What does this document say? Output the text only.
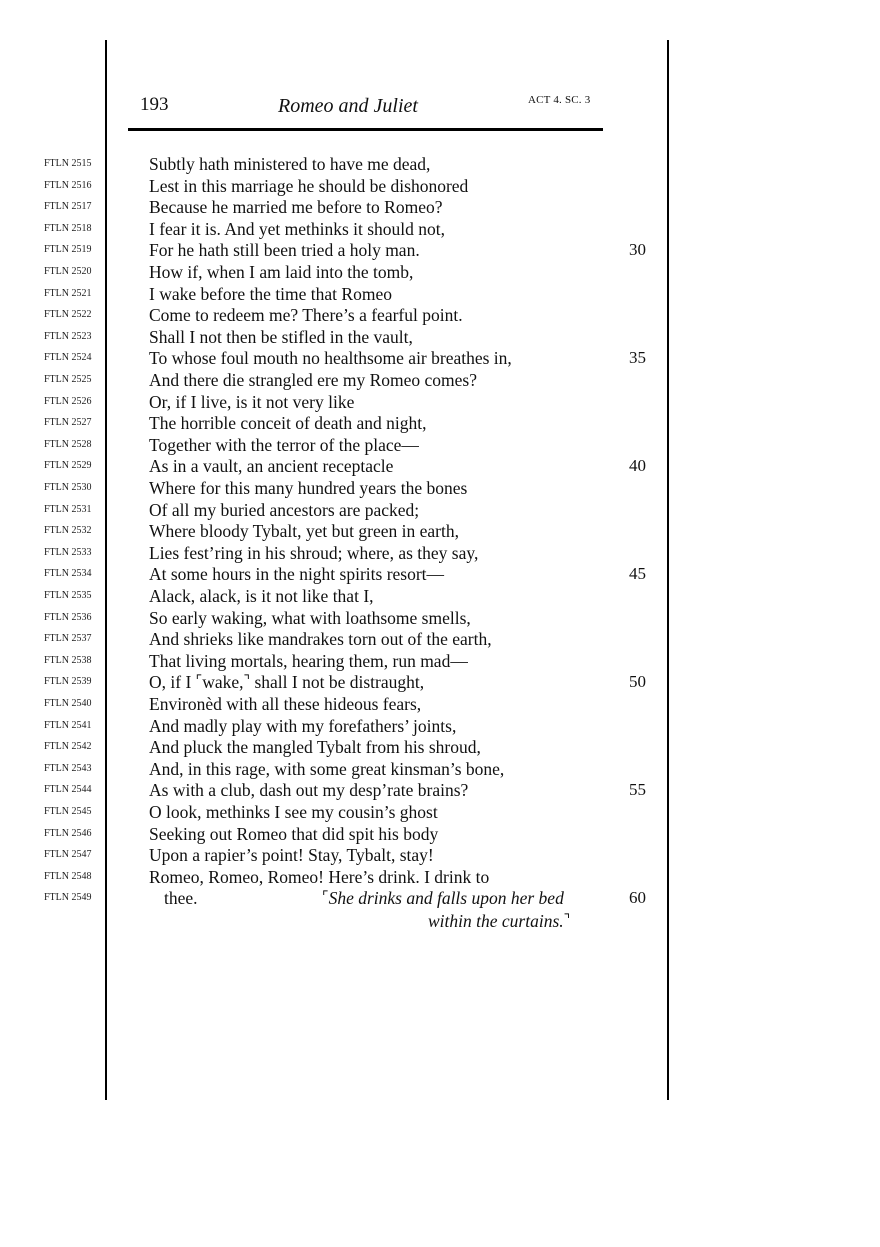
193	Romeo and Juliet	ACT 4. SC. 3
FTLN 2515	Subtly hath ministered to have me dead,
FTLN 2516	Lest in this marriage he should be dishonored
FTLN 2517	Because he married me before to Romeo?
FTLN 2518	I fear it is. And yet methinks it should not,
FTLN 2519	For he hath still been tried a holy man.	30
FTLN 2520	How if, when I am laid into the tomb,
FTLN 2521	I wake before the time that Romeo
FTLN 2522	Come to redeem me? There’s a fearful point.
FTLN 2523	Shall I not then be stifled in the vault,
FTLN 2524	To whose foul mouth no healthsome air breathes in,	35
FTLN 2525	And there die strangled ere my Romeo comes?
FTLN 2526	Or, if I live, is it not very like
FTLN 2527	The horrible conceit of death and night,
FTLN 2528	Together with the terror of the place—
FTLN 2529	As in a vault, an ancient receptacle	40
FTLN 2530	Where for this many hundred years the bones
FTLN 2531	Of all my buried ancestors are packed;
FTLN 2532	Where bloody Tybalt, yet but green in earth,
FTLN 2533	Lies fest’ring in his shroud; where, as they say,
FTLN 2534	At some hours in the night spirits resort—	45
FTLN 2535	Alack, alack, is it not like that I,
FTLN 2536	So early waking, what with loathsome smells,
FTLN 2537	And shrieks like mandrakes torn out of the earth,
FTLN 2538	That living mortals, hearing them, run mad—
FTLN 2539	O, if I ⌜wake,⌝ shall I not be distraught,	50
FTLN 2540	Environèd with all these hideous fears,
FTLN 2541	And madly play with my forefathers’ joints,
FTLN 2542	And pluck the mangled Tybalt from his shroud,
FTLN 2543	And, in this rage, with some great kinsman’s bone,
FTLN 2544	As with a club, dash out my desp’rate brains?	55
FTLN 2545	O look, methinks I see my cousin’s ghost
FTLN 2546	Seeking out Romeo that did spit his body
FTLN 2547	Upon a rapier’s point! Stay, Tybalt, stay!
FTLN 2548	Romeo, Romeo, Romeo! Here’s drink. I drink to
FTLN 2549	thee.	60
⌜She drinks and falls upon her bed
within the curtains.⌝
